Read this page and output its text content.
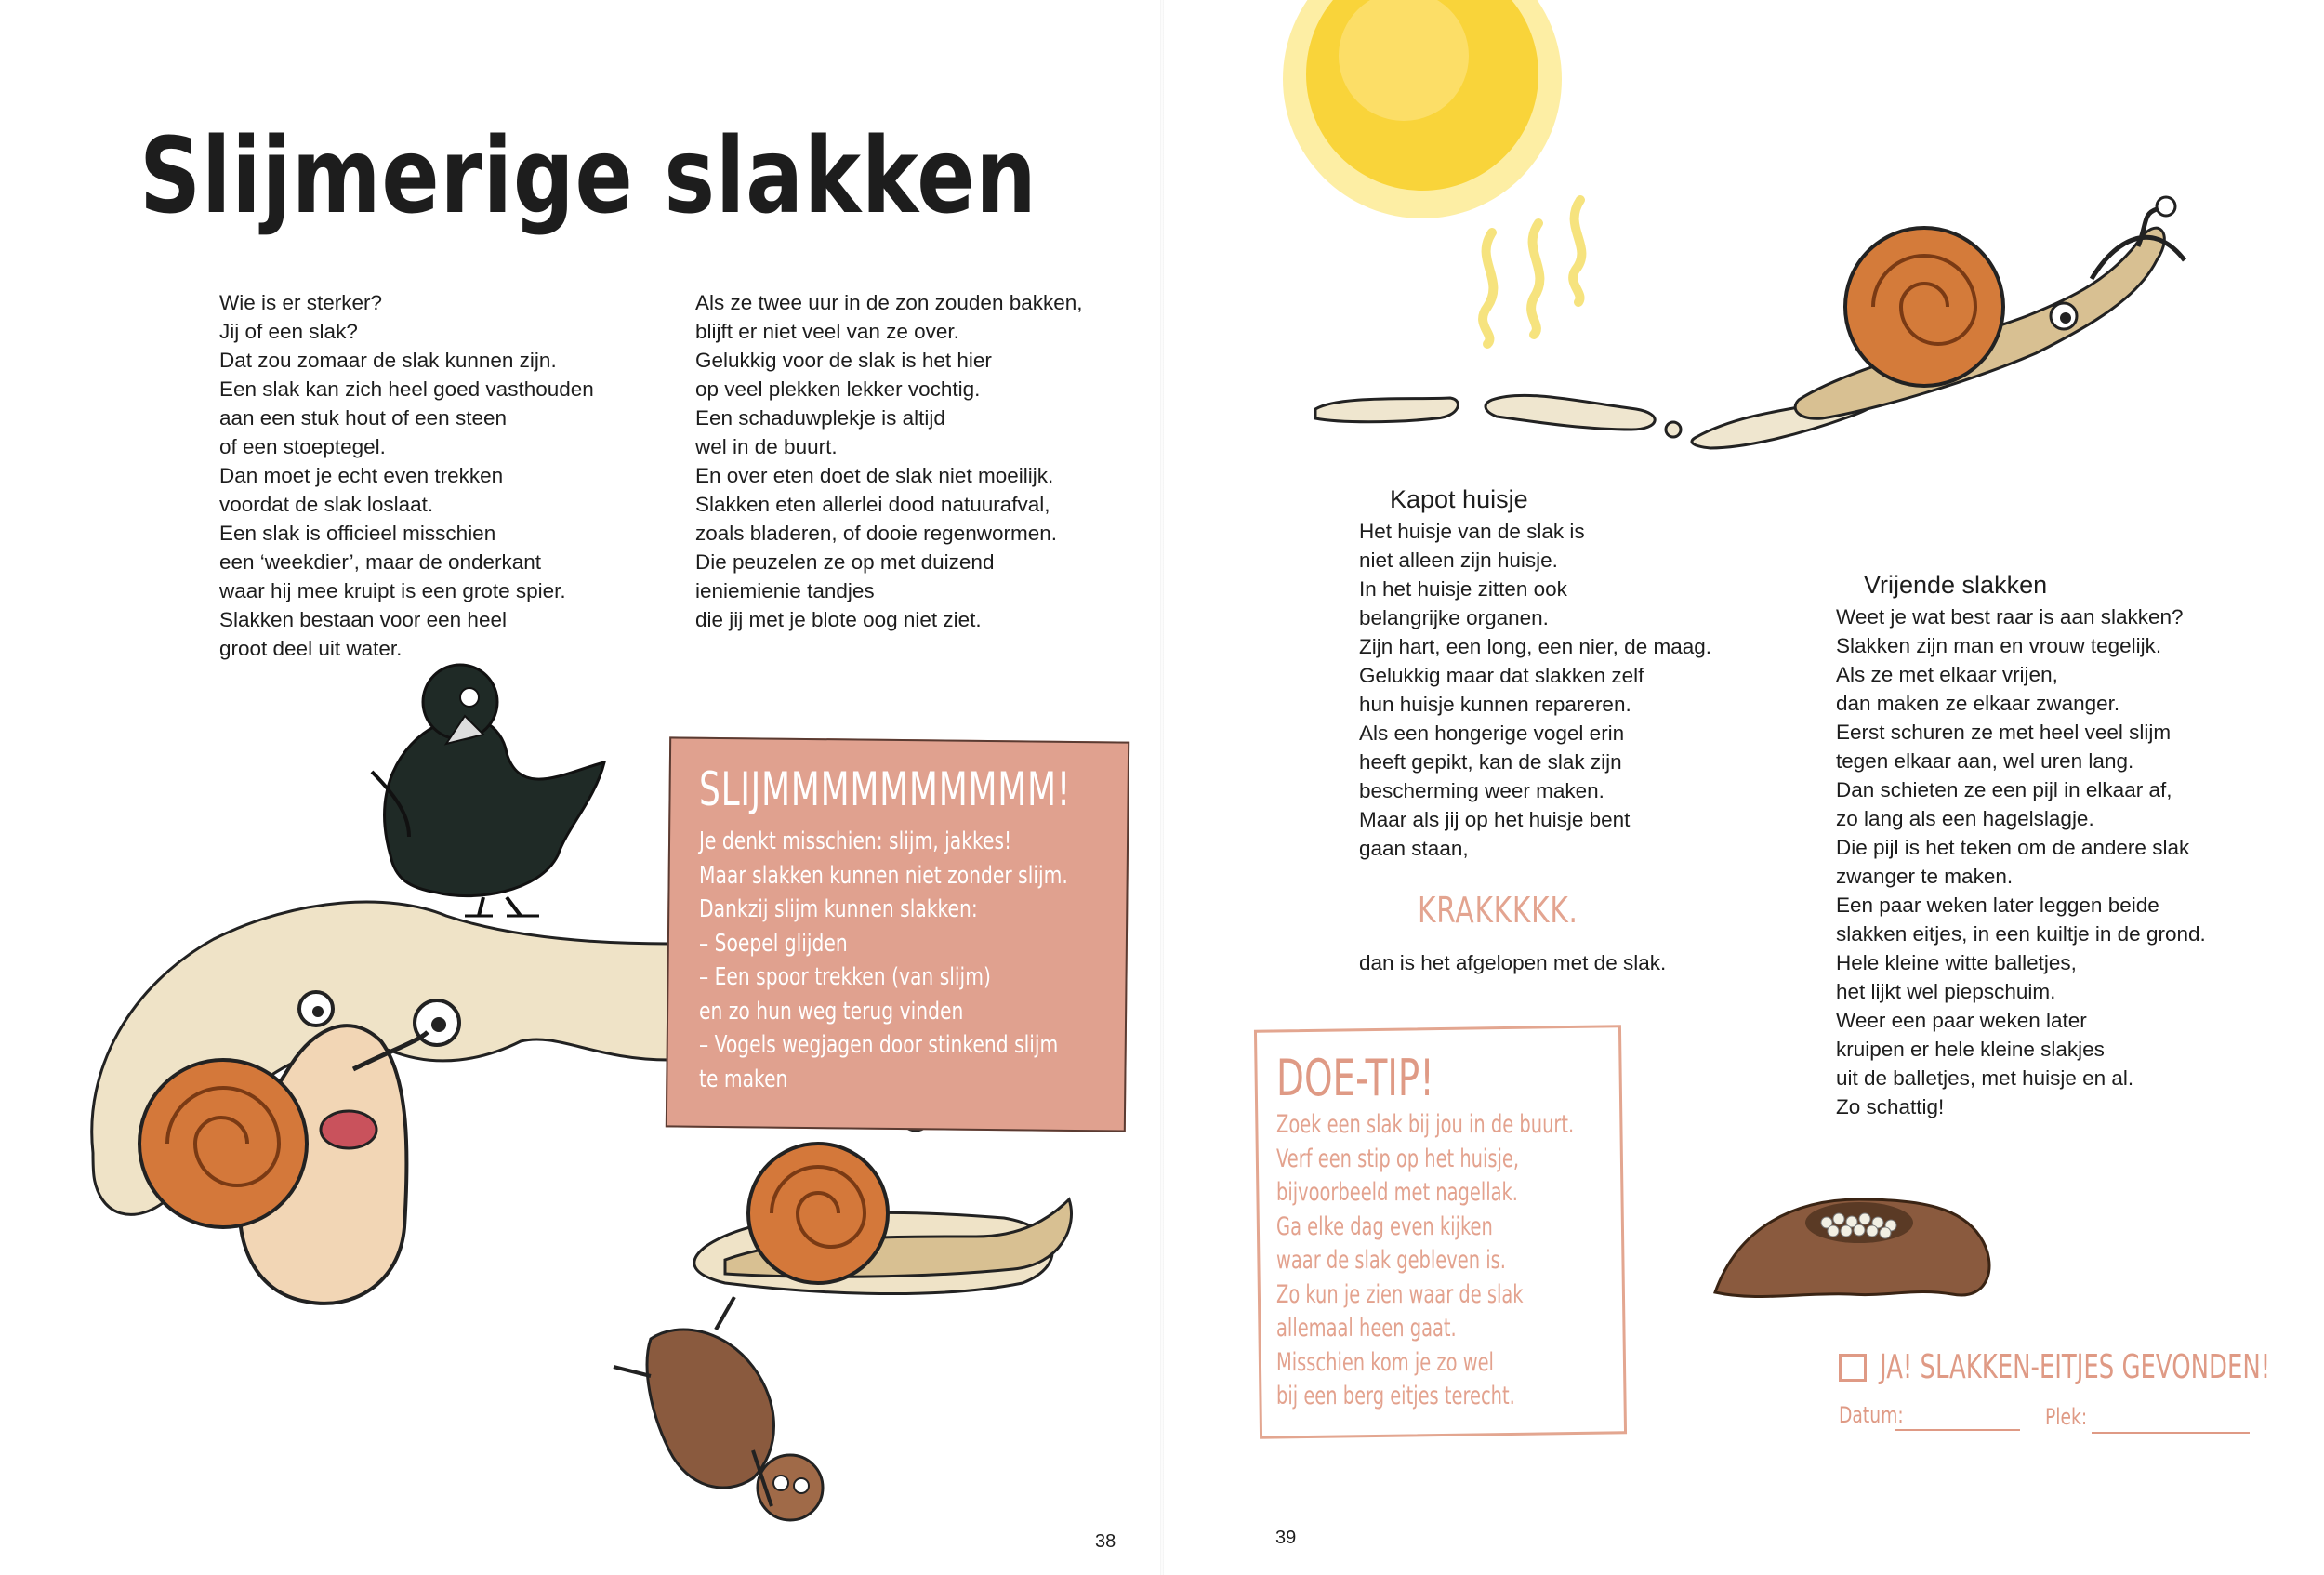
Slijmerige slakken
Wie is er sterker?
Jij of een slak?
Dat zou zomaar de slak kunnen zijn.
Een slak kan zich heel goed vasthouden
aan een stuk hout of een steen
of een stoeptegel.
Dan moet je echt even trekken
voordat de slak loslaat.
Een slak is officieel misschien
een ‘weekdier’, maar de onderkant
waar hij mee kruipt is een grote spier.
Slakken bestaan voor een heel
groot deel uit water.
Als ze twee uur in de zon zouden bakken,
blijft er niet veel van ze over.
Gelukkig voor de slak is het hier
op veel plekken lekker vochtig.
Een schaduwplekje is altijd
wel in de buurt.
En over eten doet de slak niet moeilijk.
Slakken eten allerlei dood natuurafval,
zoals bladeren, of dooie regenwormen.
Die peuzelen ze op met duizend
ieniemienie tandjes
die jij met je blote oog niet ziet.
SLIJMMMMMMMMMM!
Je denkt misschien: slijm, jakkes!
Maar slakken kunnen niet zonder slijm.
Dankzij slijm kunnen slakken:
– Soepel glijden
– Een spoor trekken (van slijm)
en zo hun weg terug vinden
– Vogels wegjagen door stinkend slijm
te maken
38
Kapot huisje
Het huisje van de slak is
niet alleen zijn huisje.
In het huisje zitten ook
belangrijke organen.
Zijn hart, een long, een nier, de maag.
Gelukkig maar dat slakken zelf
hun huisje kunnen repareren.
Als een hongerige vogel erin
heeft gepikt, kan de slak zijn
bescherming weer maken.
Maar als jij op het huisje bent
gaan staan,
KRAKKKKK.
dan is het afgelopen met de slak.
DOE-TIP!
Zoek een slak bij jou in de buurt.
Verf een stip op het huisje,
bijvoorbeeld met nagellak.
Ga elke dag even kijken
waar de slak gebleven is.
Zo kun je zien waar de slak
allemaal heen gaat.
Misschien kom je zo wel
bij een berg eitjes terecht.
Vrijende slakken
Weet je wat best raar is aan slakken?
Slakken zijn man en vrouw tegelijk.
Als ze met elkaar vrijen,
dan maken ze elkaar zwanger.
Eerst schuren ze met heel veel slijm
tegen elkaar aan, wel uren lang.
Dan schieten ze een pijl in elkaar af,
zo lang als een hagelslagje.
Die pijl is het teken om de andere slak
zwanger te maken.
Een paar weken later leggen beide
slakken eitjes, in een kuiltje in de grond.
Hele kleine witte balletjes,
het lijkt wel piepschuim.
Weer een paar weken later
kruipen er hele kleine slakjes
uit de balletjes, met huisje en al.
Zo schattig!
JA! SLAKKEN-EITJES GEVONDEN!
Datum:	Plek:
39
